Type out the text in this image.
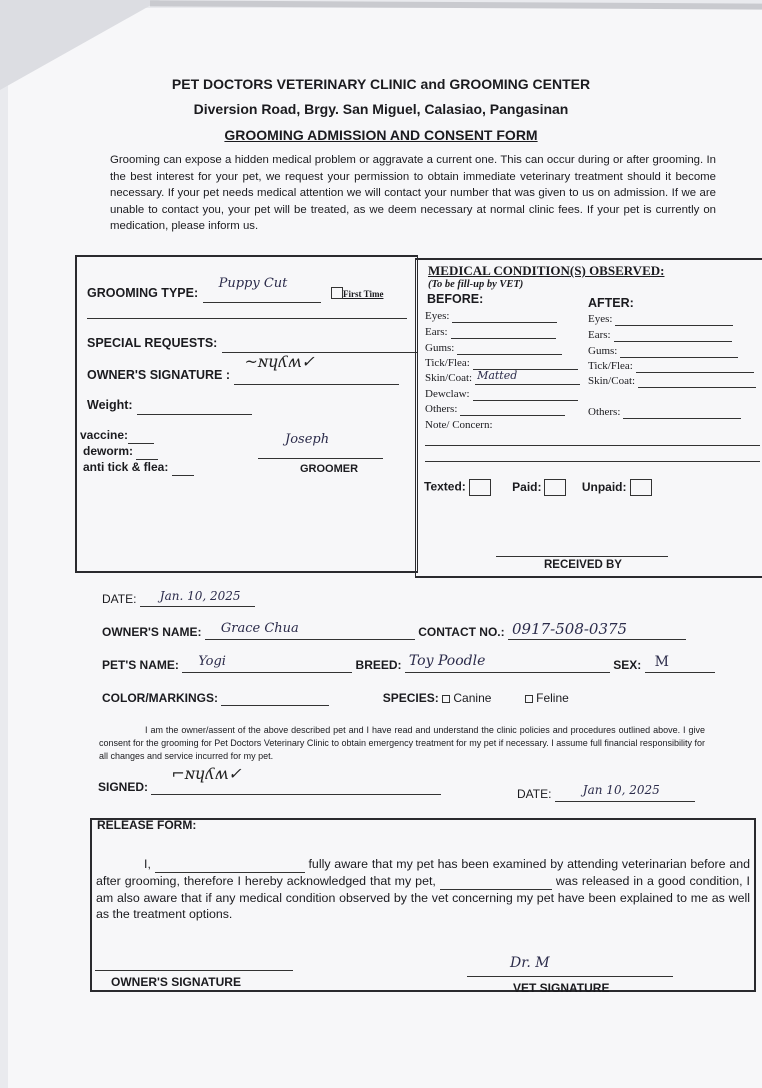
PET DOCTORS VETERINARY CLINIC and GROOMING CENTER
Diversion Road, Brgy. San Miguel, Calasiao, Pangasinan
GROOMING ADMISSION AND CONSENT FORM
Grooming can expose a hidden medical problem or aggravate a current one. This can occur during or after grooming. In the best interest for your pet, we request your permission to obtain immediate veterinary treatment should it become necessary. If your pet needs medical attention we will contact your number that was given to us on admission. If we are unable to contact you, your pet will be treated, as we deem necessary at normal clinic fees. If your pet is currently on medication, please inform us.
GROOMING TYPE:
Puppy Cut
First Time
SPECIAL REQUESTS:
OWNER'S SIGNATURE :
~ɴɥʎʍ✓

Weight:
vaccine:
deworm:
anti tick & flea:
Joseph
GROOMER
MEDICAL CONDITION(S) OBSERVED:
(To be fill-up by VET)
BEFORE:	AFTER:
Eyes:
Ears:
Gums:
Tick/Flea:
Skin/Coat: Matted
Dewclaw:
Others:
Eyes:
Ears:
Gums:
Tick/Flea:
Skin/Coat:
Others:
Note/ Concern:
Texted:	Paid:	Unpaid:
RECEIVED BY
DATE: Jan. 10, 2025

OWNER'S NAME: Grace Chua	CONTACT NO.: 0917-508-0375

PET'S NAME: Yogi	BREED: Toy Poodle	SEX: M

COLOR/MARKINGS:	SPECIES: Canine	Feline
I am the owner/assent of the above described pet and I have read and understand the clinic policies and procedures outlined above. I give consent for the grooming for Pet Doctors Veterinary Clinic to obtain emergency treatment for my pet if necessary. I assume full financial responsibility for all changes and service incurred for my pet.
SIGNED:
⌐ɴɥʎʍ✓

DATE:	Jan 10, 2025

RELEASE FORM:
I,	fully aware that my pet has been examined by attending veterinarian before and after grooming, therefore I hereby acknowledged that my pet,	was released in a good condition, I am also aware that if any medical condition observed by the vet concerning my pet have been explained to me as well as the treatment options.
OWNER'S SIGNATURE
Dr. M
VET SIGNATURE
